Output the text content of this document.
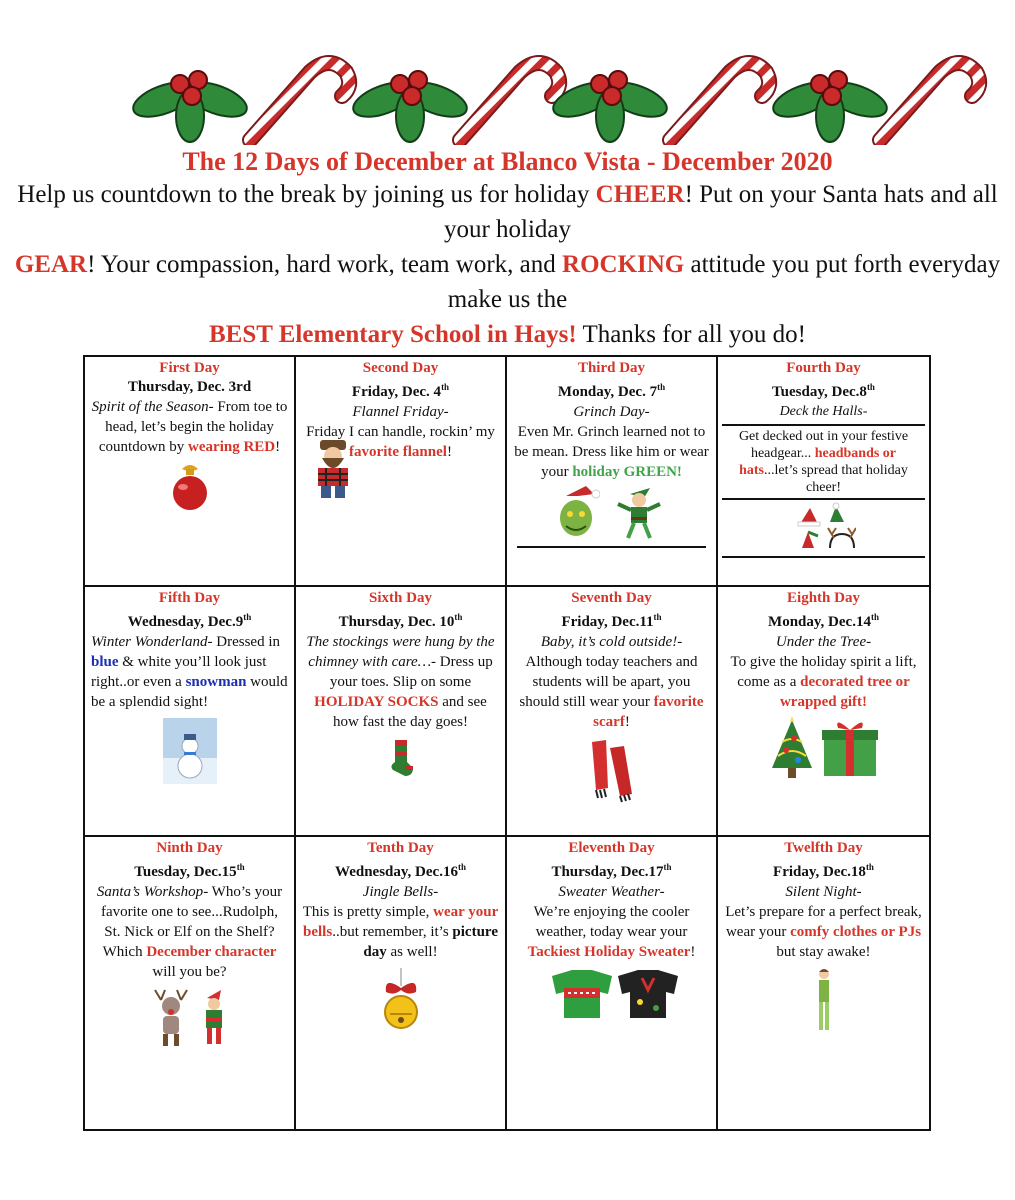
The 12 Days of December at Blanco Vista - December 2020

Help us countdown to the break by joining us for holiday CHEER! Put on your Santa hats and all your holiday
GEAR! Your compassion, hard work, team work, and ROCKING attitude you put forth everyday make us the
BEST Elementary School in Hays! Thanks for all you do!

First Day
Thursday, Dec. 3rd
Spirit of the Season- From toe to head, let’s begin the holiday countdown by wearing RED!
Second Day
Friday, Dec. 4th
Flannel Friday-
Friday I can handle, rockin’ my favorite flannel!
Third Day
Monday, Dec. 7th
Grinch Day-
Even Mr. Grinch learned not to be mean. Dress like him or wear your holiday GREEN!
Fourth Day
Tuesday, Dec.8th
Deck the Halls-
Get decked out in your festive headgear... headbands or hats...let’s spread that holiday cheer!
Fifth Day
Wednesday, Dec.9th
Winter Wonderland- Dressed in blue & white you’ll look just right..or even a snowman would be a splendid sight!
Sixth Day
Thursday, Dec. 10th
The stockings were hung by the chimney with care…- Dress up your toes. Slip on some HOLIDAY SOCKS and see how fast the day goes!
Seventh Day
Friday, Dec.11th
Baby, it’s cold outside!- Although today teachers and students will be apart, you should still wear your favorite scarf!
Eighth Day
Monday, Dec.14th
Under the Tree-
To give the holiday spirit a lift, come as a decorated tree or wrapped gift!
Ninth Day
Tuesday, Dec.15th
Santa’s Workshop- Who’s your favorite one to see...Rudolph, St. Nick or Elf on the Shelf? Which December character will you be?
Tenth Day
Wednesday, Dec.16th
Jingle Bells-
This is pretty simple, wear your bells..but remember, it’s picture day as well!
Eleventh Day
Thursday, Dec.17th
Sweater Weather-
We’re enjoying the cooler weather, today wear your Tackiest Holiday Sweater!
Twelfth Day
Friday, Dec.18th
Silent Night-
Let’s prepare for a perfect break, wear your comfy clothes or PJs but stay awake!
